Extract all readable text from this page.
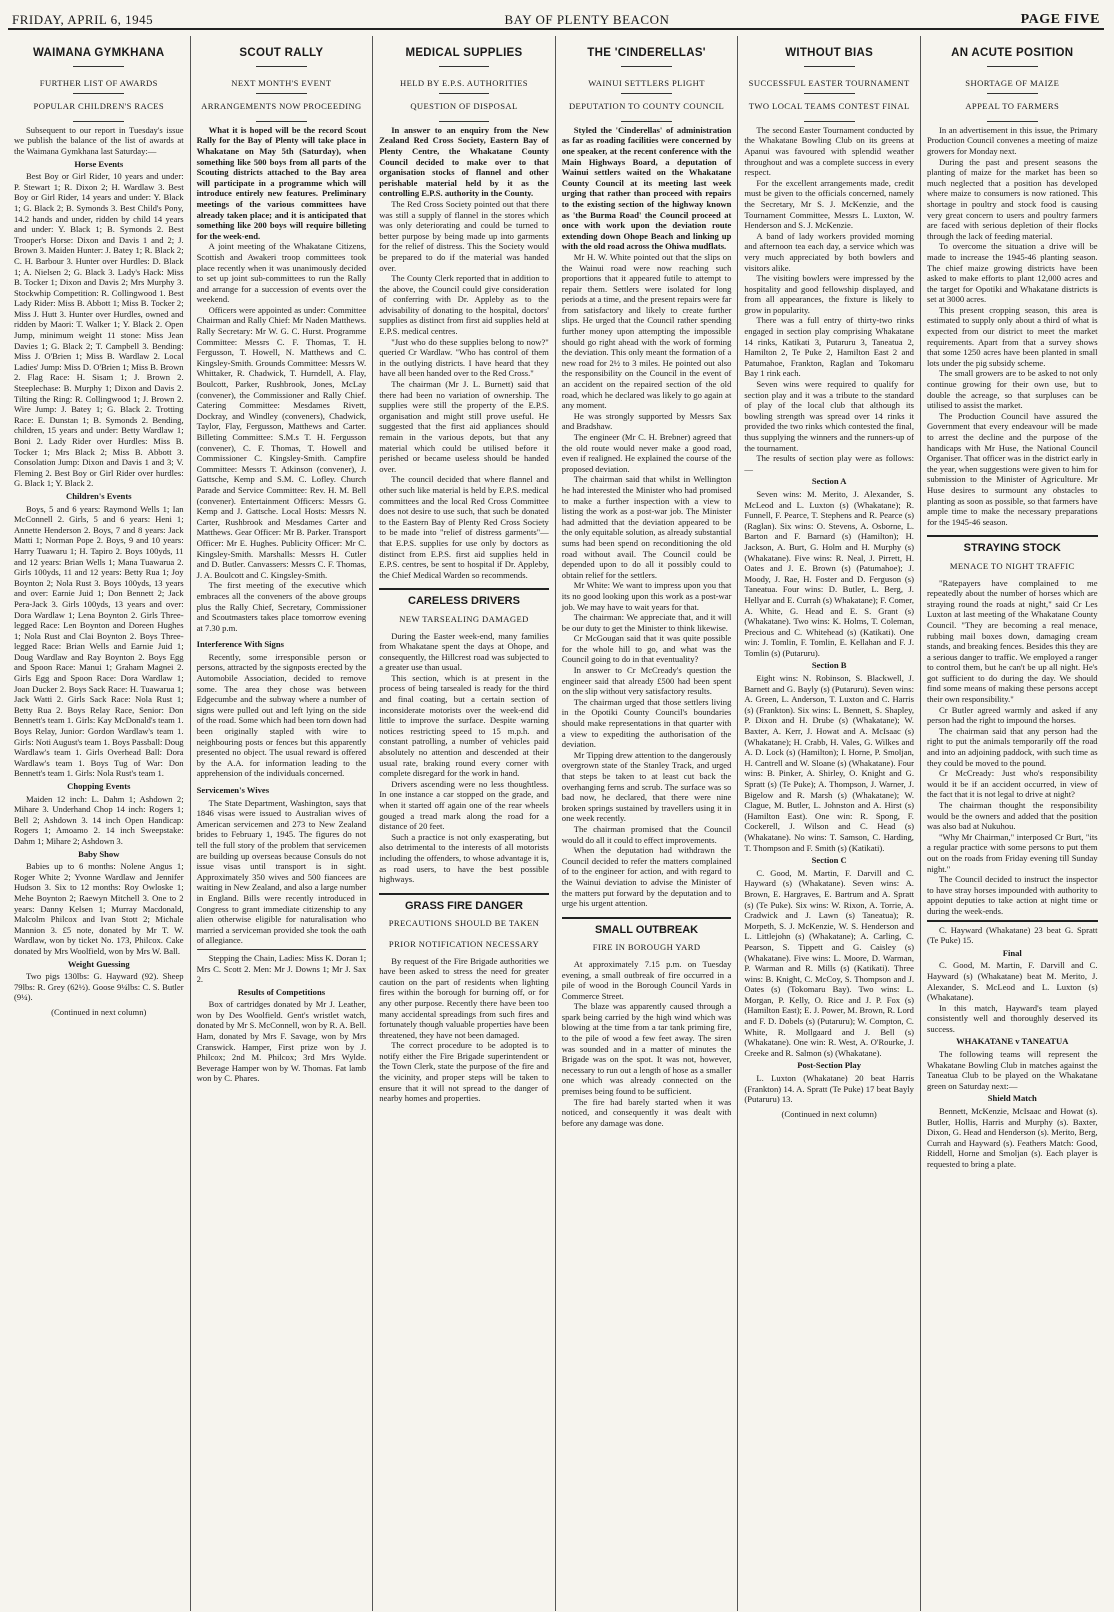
FRIDAY, APRIL 6, 1945	BAY OF PLENTY BEACON	PAGE FIVE
WAIMANA GYMKHANA
FURTHER LIST OF AWARDS
POPULAR CHILDREN'S RACES

Subsequent to our report in Tuesday's issue we publish the balance of the list of awards at the Waimana Gymkhana last Saturday:—

Horse Events

Best Boy or Girl Rider, 10 years and under: P. Stewart 1; R. Dixon 2; H. Wardlaw 3. Best Boy or Girl Rider, 14 years and under: Y. Black 1; G. Black 2; B. Symonds 3. Best Child's Pony, 14.2 hands and under, ridden by child 14 years and under: Y. Black 1; B. Symonds 2. Best Trooper's Horse: Dixon and Davis 1 and 2; J. Brown 3. Maiden Hunter: J. Batey 1; R. Black 2; C. H. Barbour 3. Hunter over Hurdles: D. Black 1; A. Nielsen 2; G. Black 3. Lady's Hack: Miss B. Tocker 1; Dixon and Davis 2; Mrs Murphy 3. Stockwhip Competition: R. Collingwood 1. Best Lady Rider: Miss B. Abbott 1; Miss B. Tocker 2; Miss J. Hutt 3. Hunter over Hurdles, owned and ridden by Maori: T. Walker 1; Y. Black 2. Open Jump, minimum weight 11 stone: Miss Jean Davies 1; G. Black 2; T. Campbell 3. Bending: Miss J. O'Brien 1; Miss B. Wardlaw 2. Local Ladies' Jump: Miss D. O'Brien 1; Miss B. Brown 2. Flag Race: H. Sisam 1; J. Brown 2. Steeplechase: B. Murphy 1; Dixon and Davis 2. Tilting the Ring: R. Collingwood 1; J. Brown 2. Wire Jump: J. Batey 1; G. Black 2. Trotting Race: E. Dunstan 1; B. Symonds 2. Bending, children, 15 years and under: Betty Wardlaw 1; Boni 2. Lady Rider over Hurdles: Miss B. Tocker 1; Mrs Black 2; Miss B. Abbott 3. Consolation Jump: Dixon and Davis 1 and 3; V. Fleming 2. Best Boy or Girl Rider over hurdles: G. Black 1; Y. Black 2.

Children's Events

Boys, 5 and 6 years: Raymond Wells 1; Ian McConnell 2. Girls, 5 and 6 years: Heni 1; Annette Henderson 2. Boys, 7 and 8 years: Jack Matti 1; Norman Pope 2. Boys, 9 and 10 years: Harry Tuawaru 1; H. Tapiro 2. Boys 100yds, 11 and 12 years: Brian Wells 1; Mana Tuawarua 2. Girls 100yds, 11 and 12 years: Betty Rua 1; Joy Boynton 2; Nola Rust 3. Boys 100yds, 13 years and over: Earnie Juid 1; Don Bennett 2; Jack Pera-Jack 3. Girls 100yds, 13 years and over: Dora Wardlaw 1; Lena Boynton 2. Girls Three-legged Race: Len Boynton and Doreen Hughes 1; Nola Rust and Clai Boynton 2. Boys Three-legged Race: Brian Wells and Earnie Juid 1; Doug Wardlaw and Ray Boynton 2. Boys Egg and Spoon Race: Manui 1; Graham Magnei 2. Girls Egg and Spoon Race: Dora Wardlaw 1; Joan Ducker 2. Boys Sack Race: H. Tuawarua 1; Jack Watti 2. Girls Sack Race: Nola Rust 1; Betty Rua 2. Boys Relay Race, Senior: Don Bennett's team 1. Girls: Kay McDonald's team 1. Boys Relay, Junior: Gordon Wardlaw's team 1. Girls: Noti August's team 1. Boys Passball: Doug Wardlaw's team 1. Girls Overhead Ball: Dora Wardlaw's team 1. Boys Tug of War: Don Bennett's team 1. Girls: Nola Rust's team 1.

Chopping Events

Maiden 12 inch: L. Dahm 1; Ashdown 2; Mihare 3. Underhand Chop 14 inch: Rogers 1; Bell 2; Ashdown 3. 14 inch Open Handicap: Rogers 1; Amoamo 2. 14 inch Sweepstake: Dahm 1; Mihare 2; Ashdown 3.

Baby Show

Babies up to 6 months: Nolene Angus 1; Roger White 2; Yvonne Wardlaw and Jennifer Hudson 3. Six to 12 months: Roy Owloske 1; Mehe Boynton 2; Raewyn Mitchell 3. One to 2 years: Danny Kelsen 1; Murray Macdonald, Malcolm Philcox and Ivan Stott 2; Michale Mannion 3. £5 note, donated by Mr T. W. Wardlaw, won by ticket No. 173, Philcox. Cake donated by Mrs Woolfield, won by Mrs W. Ball.

Weight Guessing

Two pigs 130lbs: G. Hayward (92). Sheep 79lbs: R. Grey (62½). Goose 9¼lbs: C. S. Butler (9¼).

(Continued in next column)
SCOUT RALLY
NEXT MONTH'S EVENT
ARRANGEMENTS NOW PROCEEDING

What it is hoped will be the record Scout Rally for the Bay of Plenty will take place in Whakatane on May 5th (Saturday), when something like 500 boys from all parts of the Scouting districts attached to the Bay area will participate in a programme which will introduce entirely new features. Preliminary meetings of the various committees have already taken place; and it is anticipated that something like 200 boys will require billeting for the week-end.

A joint meeting of the Whakatane Citizens, Scottish and Awakeri troop committees took place recently when it was unanimously decided to set up joint sub-committees to run the Rally and arrange for a succession of events over the weekend.

Officers were appointed as under: Committee Chairman and Rally Chief: Mr Naden Matthews. Rally Secretary: Mr W. G. C. Hurst. Programme Committee: Messrs C. F. Thomas, T. H. Fergusson, T. Howell, N. Matthews and C. Kingsley-Smith. Grounds Committee: Messrs W. Whittaker, R. Chadwick, T. Hurndell, A. Flay, Boulcott, Parker, Rushbrook, Jones, McLay (convener), the Commissioner and Rally Chief. Catering Committee: Mesdames Rivett, Dockray, and Windley (conveners), Chadwick, Taylor, Flay, Fergusson, Matthews and Carter. Billeting Committee: S.M.s T. H. Fergusson (convener), C. F. Thomas, T. Howell and Commissioner C. Kingsley-Smith. Campfire Committee: Messrs T. Atkinson (convener), J. Gattsche, Kemp and S.M. C. Lofley. Church Parade and Service Committee: Rev. H. M. Bell (convener). Entertainment Officers: Messrs G. Kemp and J. Gattsche. Local Hosts: Messrs N. Carter, Rushbrook and Mesdames Carter and Matthews. Gear Officer: Mr B. Parker. Transport Officer: Mr E. Hughes. Publicity Officer: Mr C. Kingsley-Smith. Marshalls: Messrs H. Cutler and D. Butler. Canvassers: Messrs C. F. Thomas, J. A. Boulcott and C. Kingsley-Smith.

The first meeting of the executive which embraces all the conveners of the above groups plus the Rally Chief, Secretary, Commissioner and Scoutmasters takes place tomorrow evening at 7.30 p.m.

Interference With Signs

Recently, some irresponsible person or persons, attracted by the signposts erected by the Automobile Association, decided to remove some. The area they chose was between Edgecumbe and the subway where a number of signs were pulled out and left lying on the side of the road. Some which had been torn down had been originally stapled with wire to neighbouring posts or fences but this apparently presented no object. The usual reward is offered by the A.A. for information leading to the apprehension of the individuals concerned.

Servicemen's Wives

The State Department, Washington, says that 1846 visas were issued to Australian wives of American servicemen and 273 to New Zealand brides to February 1, 1945. The figures do not tell the full story of the problem that servicemen are building up overseas because Consuls do not issue visas until transport is in sight. Approximately 350 wives and 500 fiancees are waiting in New Zealand, and also a large number in England. Bills were recently introduced in Congress to grant immediate citizenship to any alien otherwise eligible for naturalisation who married a serviceman provided she took the oath of allegiance.

Stepping the Chain, Ladies: Miss K. Doran 1; Mrs C. Scott 2. Men: Mr J. Downs 1; Mr J. Sax 2.

Results of Competitions

Box of cartridges donated by Mr J. Leather, won by Des Woolfield. Gent's wristlet watch, donated by Mr S. McConnell, won by R. A. Bell. Ham, donated by Mrs F. Savage, won by Mrs Cranswick. Hamper, First prize won by J. Philcox; 2nd M. Philcox; 3rd Mrs Wylde. Beverage Hamper won by W. Thomas. Fat lamb won by C. Phares.

MEDICAL SUPPLIES
HELD BY E.P.S. AUTHORITIES
QUESTION OF DISPOSAL

In answer to an enquiry from the New Zealand Red Cross Society, Eastern Bay of Plenty Centre, the Whakatane County Council decided to make over to that organisation stocks of flannel and other perishable material held by it as the controlling E.P.S. authority in the County.

The Red Cross Society pointed out that there was still a supply of flannel in the stores which was only deteriorating and could be turned to better purpose by being made up into garments for the relief of distress. This the Society would be prepared to do if the material was handed over.

The County Clerk reported that in addition to the above, the Council could give consideration of conferring with Dr. Appleby as to the advisability of donating to the hospital, doctors' supplies as distinct from first aid supplies held at E.P.S. medical centres.

"Just who do these supplies belong to now?" queried Cr Wardlaw. "Who has control of them in the outlying districts. I have heard that they have all been handed over to the Red Cross."

The chairman (Mr J. L. Burnett) said that there had been no variation of ownership. The supplies were still the property of the E.P.S. organisation and might still prove useful. He suggested that the first aid appliances should remain in the various depots, but that any material which could be utilised before it perished or became useless should be handed over.

The council decided that where flannel and other such like material is held by E.P.S. medical committees and the local Red Cross Committee does not desire to use such, that such be donated to the Eastern Bay of Plenty Red Cross Society to be made into "relief of distress garments"—that E.P.S. supplies for use only by doctors as distinct from E.P.S. first aid supplies held in E.P.S. centres, be sent to hospital if Dr. Appleby, the Chief Medical Warden so recommends.

CARELESS DRIVERS
NEW TARSEALING DAMAGED

During the Easter week-end, many families from Whakatane spent the days at Ohope, and consequently, the Hillcrest road was subjected to a greater use than usual.

This section, which is at present in the process of being tarsealed is ready for the third and final coating, but a certain section of inconsiderate motorists over the week-end did little to improve the surface. Despite warning notices restricting speed to 15 m.p.h. and constant patrolling, a number of vehicles paid absolutely no attention and descended at their usual rate, braking round every corner with complete disregard for the work in hand.

Drivers ascending were no less thoughtless. In one instance a car stopped on the grade, and when it started off again one of the rear wheels gouged a tread mark along the road for a distance of 20 feet.

Such a practice is not only exasperating, but also detrimental to the interests of all motorists including the offenders, to whose advantage it is, as road users, to have the best possible highways.

GRASS FIRE DANGER
PRECAUTIONS SHOULD BE TAKEN
PRIOR NOTIFICATION NECESSARY

By request of the Fire Brigade authorities we have been asked to stress the need for greater caution on the part of residents when lighting fires within the borough for burning off, or for any other purpose. Recently there have been too many accidental spreadings from such fires and fortunately though valuable properties have been threatened, they have not been damaged.

The correct procedure to be adopted is to notify either the Fire Brigade superintendent or the Town Clerk, state the purpose of the fire and the vicinity, and proper steps will be taken to ensure that it will not spread to the danger of nearby homes and properties.

THE 'CINDERELLAS'
WAINUI SETTLERS PLIGHT
DEPUTATION TO COUNTY COUNCIL

Styled the 'Cinderellas' of administration as far as roading facilities were concerned by one speaker, at the recent conference with the Main Highways Board, a deputation of Wainui settlers waited on the Whakatane County Council at its meeting last week urging that rather than proceed with repairs to the existing section of the highway known as 'the Burma Road' the Council proceed at once with work upon the deviation route extending down Ohope Beach and linking up with the old road across the Ohiwa mudflats.

Mr H. W. White pointed out that the slips on the Wainui road were now reaching such proportions that it appeared futile to attempt to repair them. Settlers were isolated for long periods at a time, and the present repairs were far from satisfactory and likely to create further slips. He urged that the Council rather spending further money upon attempting the impossible should go right ahead with the work of forming the deviation. This only meant the formation of a new road for 2½ to 3 miles. He pointed out also the responsibility on the Council in the event of an accident on the repaired section of the old road, which he declared was likely to go again at any moment.

He was strongly supported by Messrs Sax and Bradshaw.

The engineer (Mr C. H. Brebner) agreed that the old route would never make a good road, even if realigned. He explained the course of the proposed deviation.

The chairman said that whilst in Wellington he had interested the Minister who had promised to make a further inspection with a view to listing the work as a post-war job. The Minister had admitted that the deviation appeared to be the only equitable solution, as already substantial sums had been spend on reconditioning the old road without avail. The Council could be depended upon to do all it possibly could to obtain relief for the settlers.

Mr White: We want to impress upon you that its no good looking upon this work as a post-war job. We may have to wait years for that.

The chairman: We appreciate that, and it will be our duty to get the Minister to think likewise.

Cr McGougan said that it was quite possible for the whole hill to go, and what was the Council going to do in that eventuality?

In answer to Cr McCready's question the engineer said that already £500 had been spent on the slip without very satisfactory results.

The chairman urged that those settlers living in the Opotiki County Council's boundaries should make representations in that quarter with a view to expediting the authorisation of the deviation.

Mr Tipping drew attention to the dangerously overgrown state of the Stanley Track, and urged that steps be taken to at least cut back the overhanging ferns and scrub. The surface was so bad now, he declared, that there were nine broken springs sustained by travellers using it in one week recently.

The chairman promised that the Council would do all it could to effect improvements.

When the deputation had withdrawn the Council decided to refer the matters complained of to the engineer for action, and with regard to the Wainui deviation to advise the Minister of the matters put forward by the deputation and to urge his urgent attention.

SMALL OUTBREAK
FIRE IN BOROUGH YARD

At approximately 7.15 p.m. on Tuesday evening, a small outbreak of fire occurred in a pile of wood in the Borough Council Yards in Commerce Street.

The blaze was apparently caused through a spark being carried by the high wind which was blowing at the time from a tar tank priming fire, to the pile of wood a few feet away. The siren was sounded and in a matter of minutes the Brigade was on the spot. It was not, however, necessary to run out a length of hose as a smaller one which was already connected on the premises being found to be sufficient.

The fire had barely started when it was noticed, and consequently it was dealt with before any damage was done.

WITHOUT BIAS
SUCCESSFUL EASTER TOURNAMENT
TWO LOCAL TEAMS CONTEST FINAL

The second Easter Tournament conducted by the Whakatane Bowling Club on its greens at Apanui was favoured with splendid weather throughout and was a complete success in every respect.

For the excellent arrangements made, credit must be given to the officials concerned, namely the Secretary, Mr S. J. McKenzie, and the Tournament Committee, Messrs L. Luxton, W. Henderson and S. J. McKenzie.

A band of lady workers provided morning and afternoon tea each day, a service which was very much appreciated by both bowlers and visitors alike.

The visiting bowlers were impressed by the hospitality and good fellowship displayed, and from all appearances, the fixture is likely to grow in popularity.

There was a full entry of thirty-two rinks engaged in section play comprising Whakatane 14 rinks, Katikati 3, Putaruru 3, Taneatua 2, Hamilton 2, Te Puke 2, Hamilton East 2 and Patumahoe, Frankton, Raglan and Tokomaru Bay 1 rink each.

Seven wins were required to qualify for section play and it was a tribute to the standard of play of the local club that although its bowling strength was spread over 14 rinks it provided the two rinks which contested the final, thus supplying the winners and the runners-up of the tournament.

The results of section play were as follows:—

Section A

Seven wins: M. Merito, J. Alexander, S. McLeod and L. Luxton (s) (Whakatane); R. Funnell, F. Pearce, T. Stephens and R. Pearce (s) (Raglan). Six wins: O. Stevens, A. Osborne, L. Barton and F. Barnard (s) (Hamilton); H. Jackson, A. Burt, G. Holm and H. Murphy (s) (Whakatane). Five wins: R. Neal, J. Pirrett, H. Oates and J. E. Brown (s) (Patumahoe); J. Moody, J. Rae, H. Foster and D. Ferguson (s) Taneatua. Four wins: D. Butler, L. Berg, J. Hellyar and E. Currah (s) Whakatane); F. Comer, A. White, G. Head and E. S. Grant (s) (Whakatane). Two wins: K. Holms, T. Coleman, Precious and C. Whitehead (s) (Katikati). One win: J. Tomlin, F. Tomlin, E. Kellahan and F. J. Tomlin (s) (Putaruru).

Section B

Eight wins: N. Robinson, S. Blackwell, J. Barnett and G. Bayly (s) (Putaruru). Seven wins: A. Green, L. Anderson, T. Luxton and C. Harris (s) (Frankton). Six wins: L. Bennett, S. Shapley, P. Dixon and H. Drube (s) (Whakatane); W. Baxter, A. Kerr, J. Howat and A. McIsaac (s) (Whakatane); H. Crabb, H. Vales, G. Wilkes and A. D. Lock (s) (Hamilton); I. Horne, P. Smoljan, H. Cantrell and W. Sloane (s) (Whakatane). Four wins: B. Pinker, A. Shirley, O. Knight and G. Spratt (s) (Te Puke); A. Thompson, J. Warner, J. Bigelow and R. Marsh (s) (Whakatane); W. Clague, M. Butler, L. Johnston and A. Hirst (s) (Hamilton East). One win: R. Spong, F. Cockerell, J. Wilson and C. Head (s) (Whakatane). No wins: T. Samson, C. Harding, T. Thompson and F. Smith (s) (Katikati).

Section C

C. Good, M. Martin, F. Darvill and C. Hayward (s) (Whakatane). Seven wins: A. Brown, E. Hargraves, E. Bartrum and A. Spratt (s) (Te Puke). Six wins: W. Rixon, A. Torrie, A. Cradwick and J. Lawn (s) Taneatua); R. Morpeth, S. J. McKenzie, W. S. Henderson and L. Littlejohn (s) (Whakatane); A. Carling, C. Pearson, S. Tippett and G. Caisley (s) (Whakatane). Five wins: L. Moore, D. Warman, P. Warman and R. Mills (s) (Katikati). Three wins: B. Knight, C. McCoy, S. Thompson and J. Oates (s) (Tokomaru Bay). Two wins: L. Morgan, P. Kelly, O. Rice and J. P. Fox (s) (Hamilton East); E. J. Power, M. Brown, R. Lord and F. D. Dobels (s) (Putaruru); W. Compton, C. White, R. Mollgaard and J. Bell (s) (Whakatane). One win: R. West, A. O'Rourke, J. Creeke and R. Salmon (s) (Whakatane).

Post-Section Play

L. Luxton (Whakatane) 20 beat Harris (Frankton) 14. A. Spratt (Te Puke) 17 beat Bayly (Putaruru) 13.

(Continued in next column)
AN ACUTE POSITION
SHORTAGE OF MAIZE
APPEAL TO FARMERS

In an advertisement in this issue, the Primary Production Council convenes a meeting of maize growers for Monday next.

During the past and present seasons the planting of maize for the market has been so much neglected that a position has developed where maize to consumers is now rationed. This shortage in poultry and stock food is causing very great concern to users and poultry farmers are faced with serious depletion of their flocks through the lack of feeding material.

To overcome the situation a drive will be made to increase the 1945-46 planting season. The chief maize growing districts have been asked to make efforts to plant 12,000 acres and the target for Opotiki and Whakatane districts is set at 3000 acres.

This present cropping season, this area is estimated to supply only about a third of what is expected from our district to meet the market requirements. Apart from that a survey shows that some 1250 acres have been planted in small lots under the pig subsidy scheme.

The small growers are to be asked to not only continue growing for their own use, but to double the acreage, so that surpluses can be utilised to assist the market.

The Production Council have assured the Government that every endeavour will be made to arrest the decline and the purpose of the handicaps with Mr Huse, the National Council Organiser. That officer was in the district early in the year, when suggestions were given to him for submission to the Minister of Agriculture. Mr Huse desires to surmount any obstacles to planting as soon as possible, so that farmers have ample time to make the necessary preparations for the 1945-46 season.

STRAYING STOCK
MENACE TO NIGHT TRAFFIC

"Ratepayers have complained to me repeatedly about the number of horses which are straying round the roads at night," said Cr Les Luxton at last meeting of the Whakatane County Council. "They are becoming a real menace, rubbing mail boxes down, damaging cream stands, and breaking fences. Besides this they are a serious danger to traffic. We employed a ranger to control them, but he can't be up all night. He's got sufficient to do during the day. We should find some means of making these persons accept their own responsibility."

Cr Butler agreed warmly and asked if any person had the right to impound the horses.

The chairman said that any person had the right to put the animals temporarily off the road and into an adjoining paddock, with such time as they could be moved to the pound.

Cr McCready: Just who's responsibility would it be if an accident occurred, in view of the fact that it is not legal to drive at night?

The chairman thought the responsibility would be the owners and added that the position was also bad at Nukuhou.

"Why Mr Chairman," interposed Cr Burt, "its a regular practice with some persons to put them out on the roads from Friday evening till Sunday night."

The Council decided to instruct the inspector to have stray horses impounded with authority to appoint deputies to take action at night time or during the week-ends.

C. Hayward (Whakatane) 23 beat G. Spratt (Te Puke) 15.

Final

C. Good, M. Martin, F. Darvill and C. Hayward (s) (Whakatane) beat M. Merito, J. Alexander, S. McLeod and L. Luxton (s) (Whakatane).

In this match, Hayward's team played consistently well and thoroughly deserved its success.

WHAKATANE v TANEATUA

The following teams will represent the Whakatane Bowling Club in matches against the Taneatua Club to be played on the Whakatane green on Saturday next:—

Shield Match

Bennett, McKenzie, McIsaac and Howat (s). Butler, Hollis, Harris and Murphy (s). Baxter, Dixon, G. Head and Henderson (s). Merito, Berg, Currah and Hayward (s). Feathers Match: Good, Riddell, Horne and Smoljan (s). Each player is requested to bring a plate.
